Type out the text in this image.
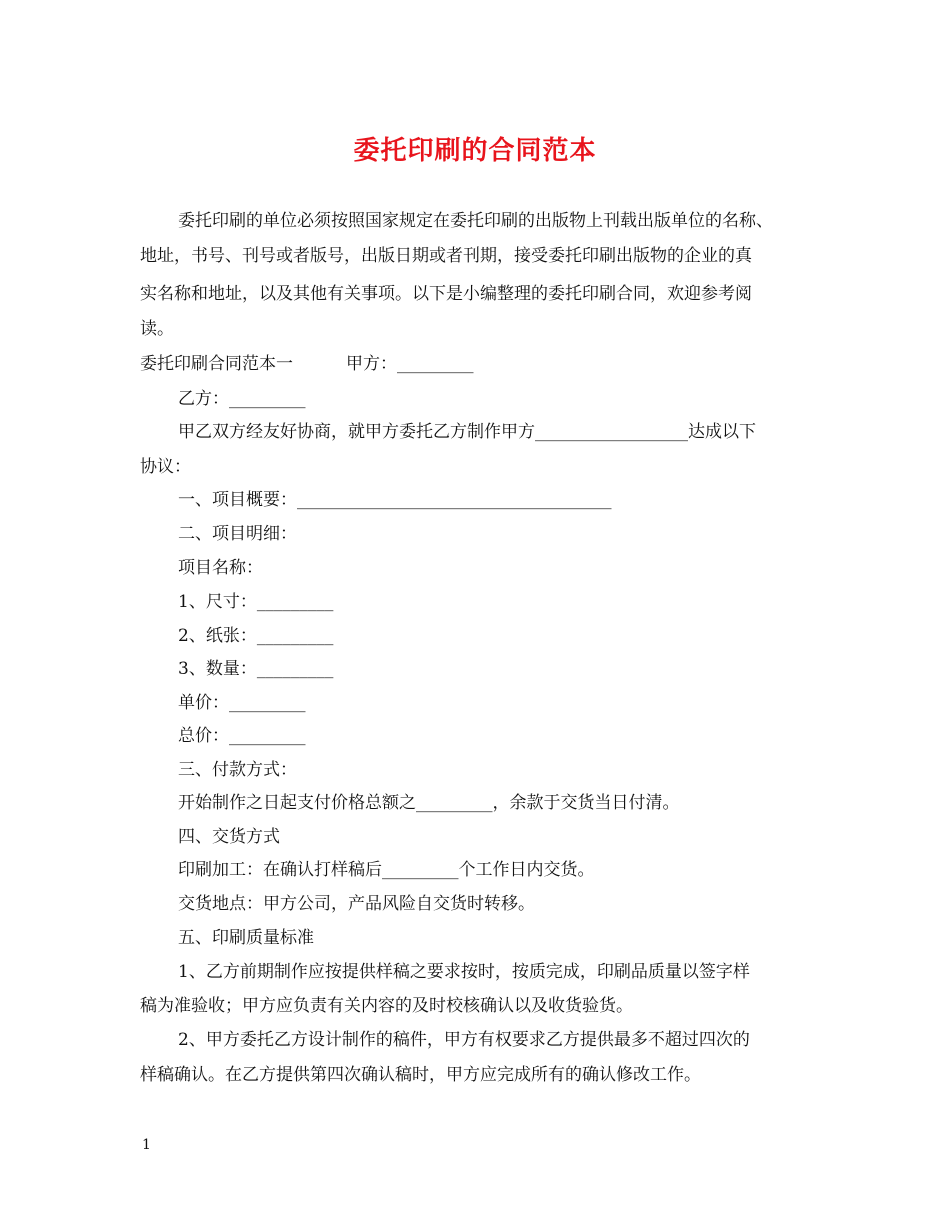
委托印刷的合同范本
委托印刷的单位必须按照国家规定在委托印刷的出版物上刊载出版单位的名称、
地址，书号、刊号或者版号，出版日期或者刊期，接受委托印刷出版物的企业的真
实名称和地址，以及其他有关事项。以下是小编整理的委托印刷合同，欢迎参考阅
读。
委托印刷合同范本一	甲方：_________
乙方：_________
甲乙双方经友好协商，就甲方委托乙方制作甲方__________________达成以下
协议：
一、项目概要：_____________________________________
二、项目明细：
项目名称：
1、尺寸：_________
2、纸张：_________
3、数量：_________
单价：_________
总价：_________
三、付款方式：
开始制作之日起支付价格总额之_________，余款于交货当日付清。
四、交货方式
印刷加工：在确认打样稿后_________个工作日内交货。
交货地点：甲方公司，产品风险自交货时转移。
五、印刷质量标准
1、乙方前期制作应按提供样稿之要求按时，按质完成，印刷品质量以签字样
稿为准验收；甲方应负责有关内容的及时校核确认以及收货验货。
2、甲方委托乙方设计制作的稿件，甲方有权要求乙方提供最多不超过四次的
样稿确认。在乙方提供第四次确认稿时，甲方应完成所有的确认修改工作。
1
